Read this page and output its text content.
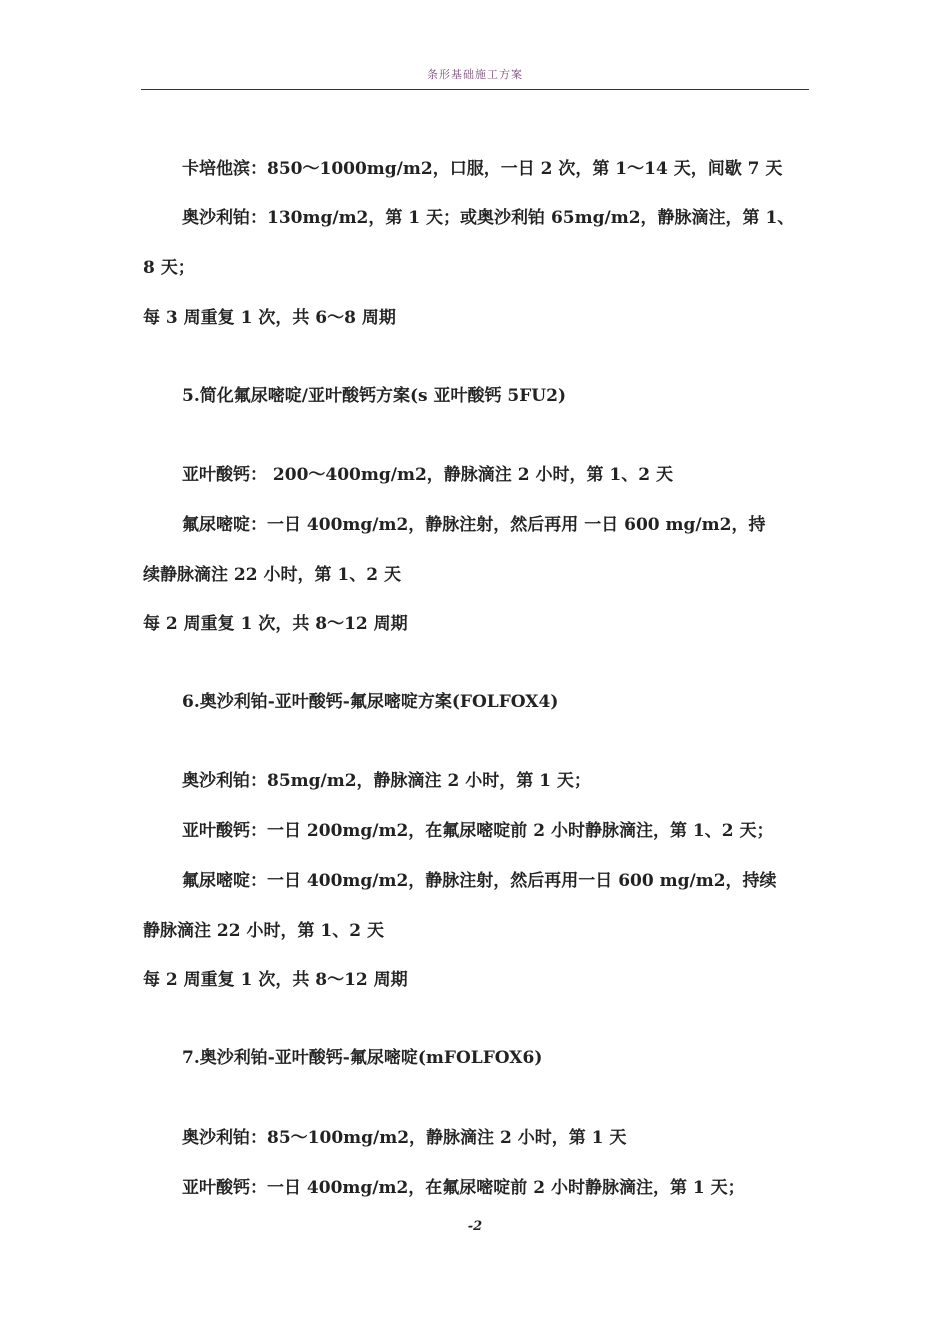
条形基础施工方案
卡培他滨：850～1000mg/m2，口服，一日 2 次，第 1～14 天，间歇 7 天
奥沙利铂：130mg/m2，第 1 天；或奥沙利铂 65mg/m2，静脉滴注，第 1、
8 天；
每 3 周重复 1 次，共 6～8 周期
5.简化氟尿嘧啶/亚叶酸钙方案(s 亚叶酸钙 5FU2)
亚叶酸钙： 200～400mg/m2，静脉滴注 2 小时，第 1、2 天
氟尿嘧啶：一日 400mg/m2，静脉注射，然后再用 一日 600 mg/m2，持
续静脉滴注 22 小时，第 1、2 天
每 2 周重复 1 次，共 8～12 周期
6.奥沙利铂-亚叶酸钙-氟尿嘧啶方案(FOLFOX4)
奥沙利铂：85mg/m2，静脉滴注 2 小时，第 1 天；
亚叶酸钙：一日 200mg/m2，在氟尿嘧啶前 2 小时静脉滴注，第 1、2 天；
氟尿嘧啶：一日 400mg/m2，静脉注射，然后再用一日 600 mg/m2，持续
静脉滴注 22 小时，第 1、2 天
每 2 周重复 1 次，共 8～12 周期
7.奥沙利铂-亚叶酸钙-氟尿嘧啶(mFOLFOX6)
奥沙利铂：85～100mg/m2，静脉滴注 2 小时，第 1 天
亚叶酸钙：一日 400mg/m2，在氟尿嘧啶前 2 小时静脉滴注，第 1 天；
-2
